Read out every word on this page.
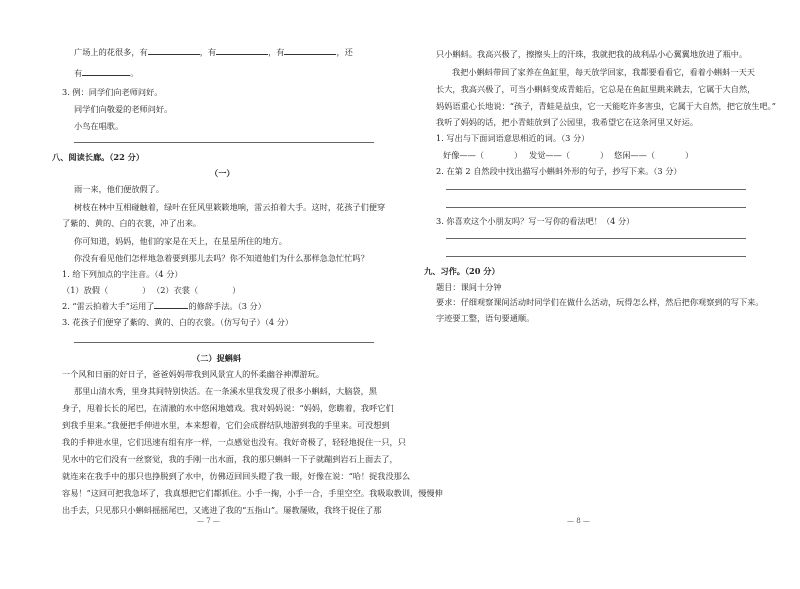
广场上的花很多，有	，有	，有	，还
有	。
3. 例：同学们向老师问好。
同学们向敬爱的老师问好。
小鸟在唱歌。
八、阅读长廊。（22 分）
（一）
雨一来，他们便放假了。
树枝在林中互相碰触着，绿叶在狂风里簌簌地响，雷云拍着大手。这时，花孩子们便穿
了紫的、黄的、白的衣裳，冲了出来。
你可知道，妈妈，他们的家是在天上，在星星所住的地方。
你没有看见他们怎样地急着要到那儿去吗？你不知道他们为什么那样急急忙忙吗？
1. 给下列加点的字注音。（4 分）
（1）放假（	） （2）衣裳（	）
2. “雷云拍着大手”运用了	的修辞手法。（3 分）
3. 花孩子们便穿了紫的、黄的、白的衣裳。（仿写句子）（4 分）
（二）捉蝌蚪
一个风和日丽的好日子，爸爸妈妈带我到风景宜人的怀柔幽谷神潭游玩。
那里山清水秀，里身其间特别快活。在一条溪水里我发现了很多小蝌蚪，大脑袋，黑
身子，甩着长长的尾巴，在清澈的水中悠闲地嬉戏。我对妈妈说：“妈妈，您瞧着，我呼它们
到我手里来。”我便把手伸进水里，本来想着，它们会成群结队地游到我的手里来。可没想到
我的手伸进水里，它们迅速有组有序一样，一点感觉也没有。我好奇极了，轻轻地捉住一只，只
见水中的它们没有一丝察觉，我的手刚一出水面，我的那只蝌蚪一下子就蹦到岩石上面去了，
就连来在我手中的那只也挣脱到了水中，仿佛迈回回头瞪了我一眼，好像在说：“哈！捉我没那么
容易！”这回可把我急坏了，我真想把它们都抓住。小手一掬，小手一合，手里空空。我吸取教训，慢慢伸
出手去，只见那只小蝌蚪摇摇尾巴，又逃进了我的“五指山”。屡教屡败，我终于捉住了那
— 7 —
只小蝌蚪。我高兴极了，擦擦头上的汗珠，我就把我的战利品小心翼翼地放进了瓶中。
我把小蝌蚪带回了家养在鱼缸里，每天放学回家，我都要看看它，看着小蝌蚪一天天
长大，我高兴极了，可当小蝌蚪变成青蛙后，它总是在鱼缸里跳来跳去，它属于大自然，
妈妈语重心长地说：“孩子，青蛙是益虫，它一天能吃许多害虫，它属于大自然，把它放生吧。”
我听了妈妈的话，把小青蛙放到了公园里，我希望它在这条河里又好运。
1. 写出与下面词语意思相近的词。（3 分）
好像——（	） 发觉——（	） 悠闲——（	）
2. 在第 2 自然段中找出描写小蝌蚪外形的句子，抄写下来。（3 分）
3. 你喜欢这个小朋友吗？写一写你的看法吧！（4 分）
九、习作。（20 分）
题目：课间十分钟
要求：仔细观察课间活动时同学们在做什么活动，玩得怎么样，然后把你观察到的写下来。
字迹要工整，语句要通顺。
— 8 —
